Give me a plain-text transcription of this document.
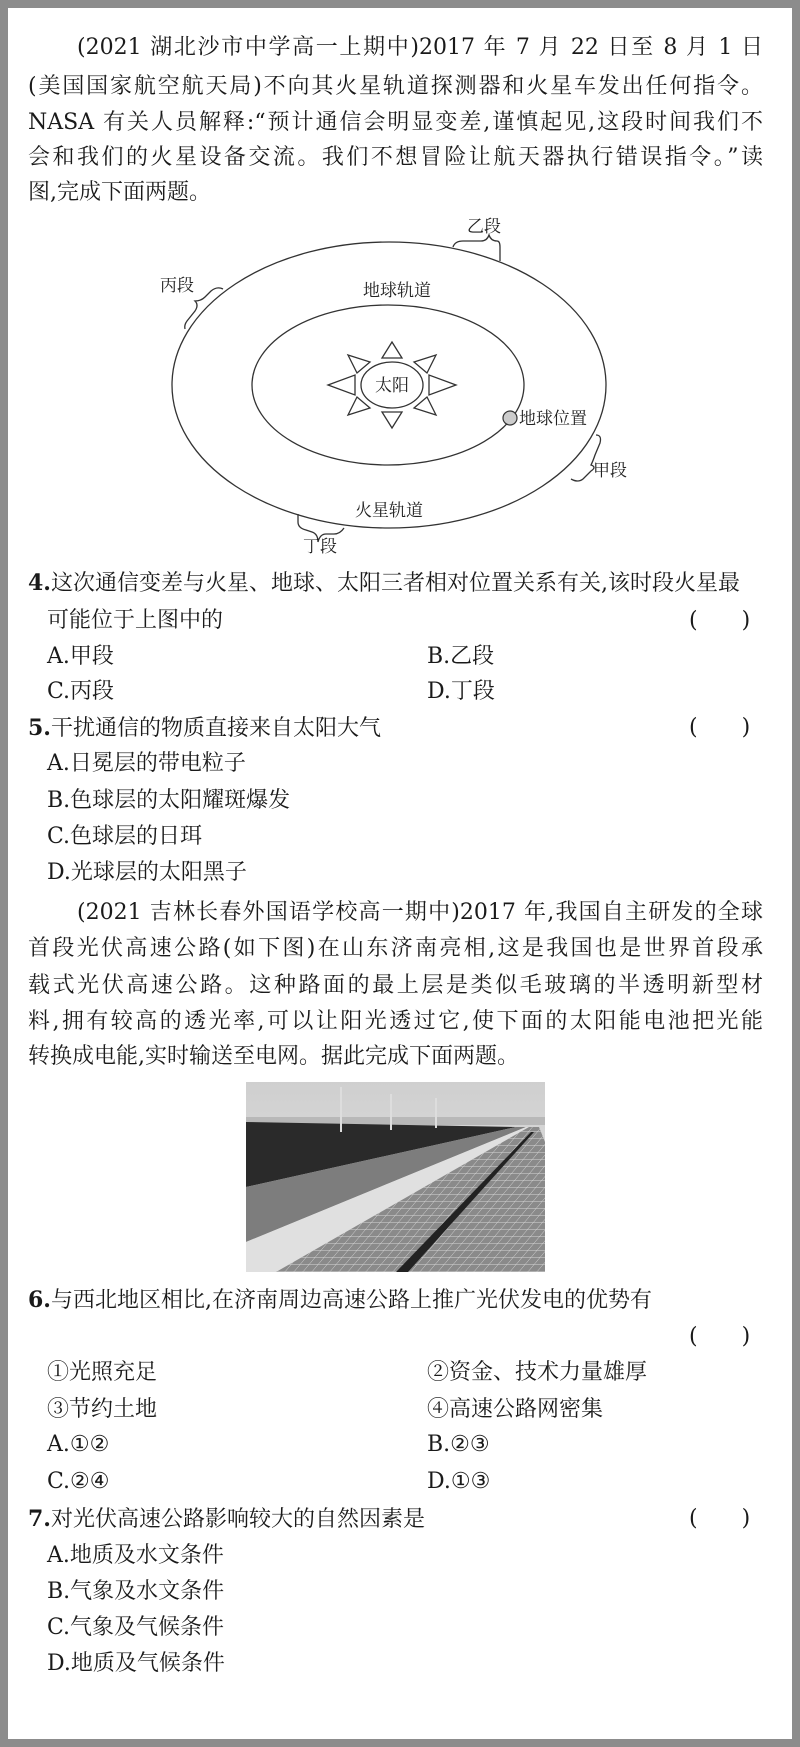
(2021 湖北沙市中学高一上期中)2017 年 7 月 22 日至 8 月 1 日
(美国国家航空航天局)不向其火星轨道探测器和火星车发出任何指令。
NASA 有关人员解释:“预计通信会明显变差,谨慎起见,这段时间我们不
会和我们的火星设备交流。我们不想冒险让航天器执行错误指令。”读
图,完成下面两题。
乙段
丙段	地球轨道
太阳
地球位置
甲段
火星轨道
丁段
4.这次通信变差与火星、地球、太阳三者相对位置关系有关,该时段火星最
可能位于上图中的	(　　)
A.甲段	B.乙段
C.丙段	D.丁段
5.干扰通信的物质直接来自太阳大气	(　　)
A.日冕层的带电粒子
B.色球层的太阳耀斑爆发
C.色球层的日珥
D.光球层的太阳黑子
(2021 吉林长春外国语学校高一期中)2017 年,我国自主研发的全球
首段光伏高速公路(如下图)在山东济南亮相,这是我国也是世界首段承
载式光伏高速公路。这种路面的最上层是类似毛玻璃的半透明新型材
料,拥有较高的透光率,可以让阳光透过它,使下面的太阳能电池把光能
转换成电能,实时输送至电网。据此完成下面两题。
6.与西北地区相比,在济南周边高速公路上推广光伏发电的优势有
(　　)
①光照充足	②资金、技术力量雄厚
③节约土地	④高速公路网密集
A.①②	B.②③
C.②④	D.①③
7.对光伏高速公路影响较大的自然因素是	(　　)
A.地质及水文条件
B.气象及水文条件
C.气象及气候条件
D.地质及气候条件
